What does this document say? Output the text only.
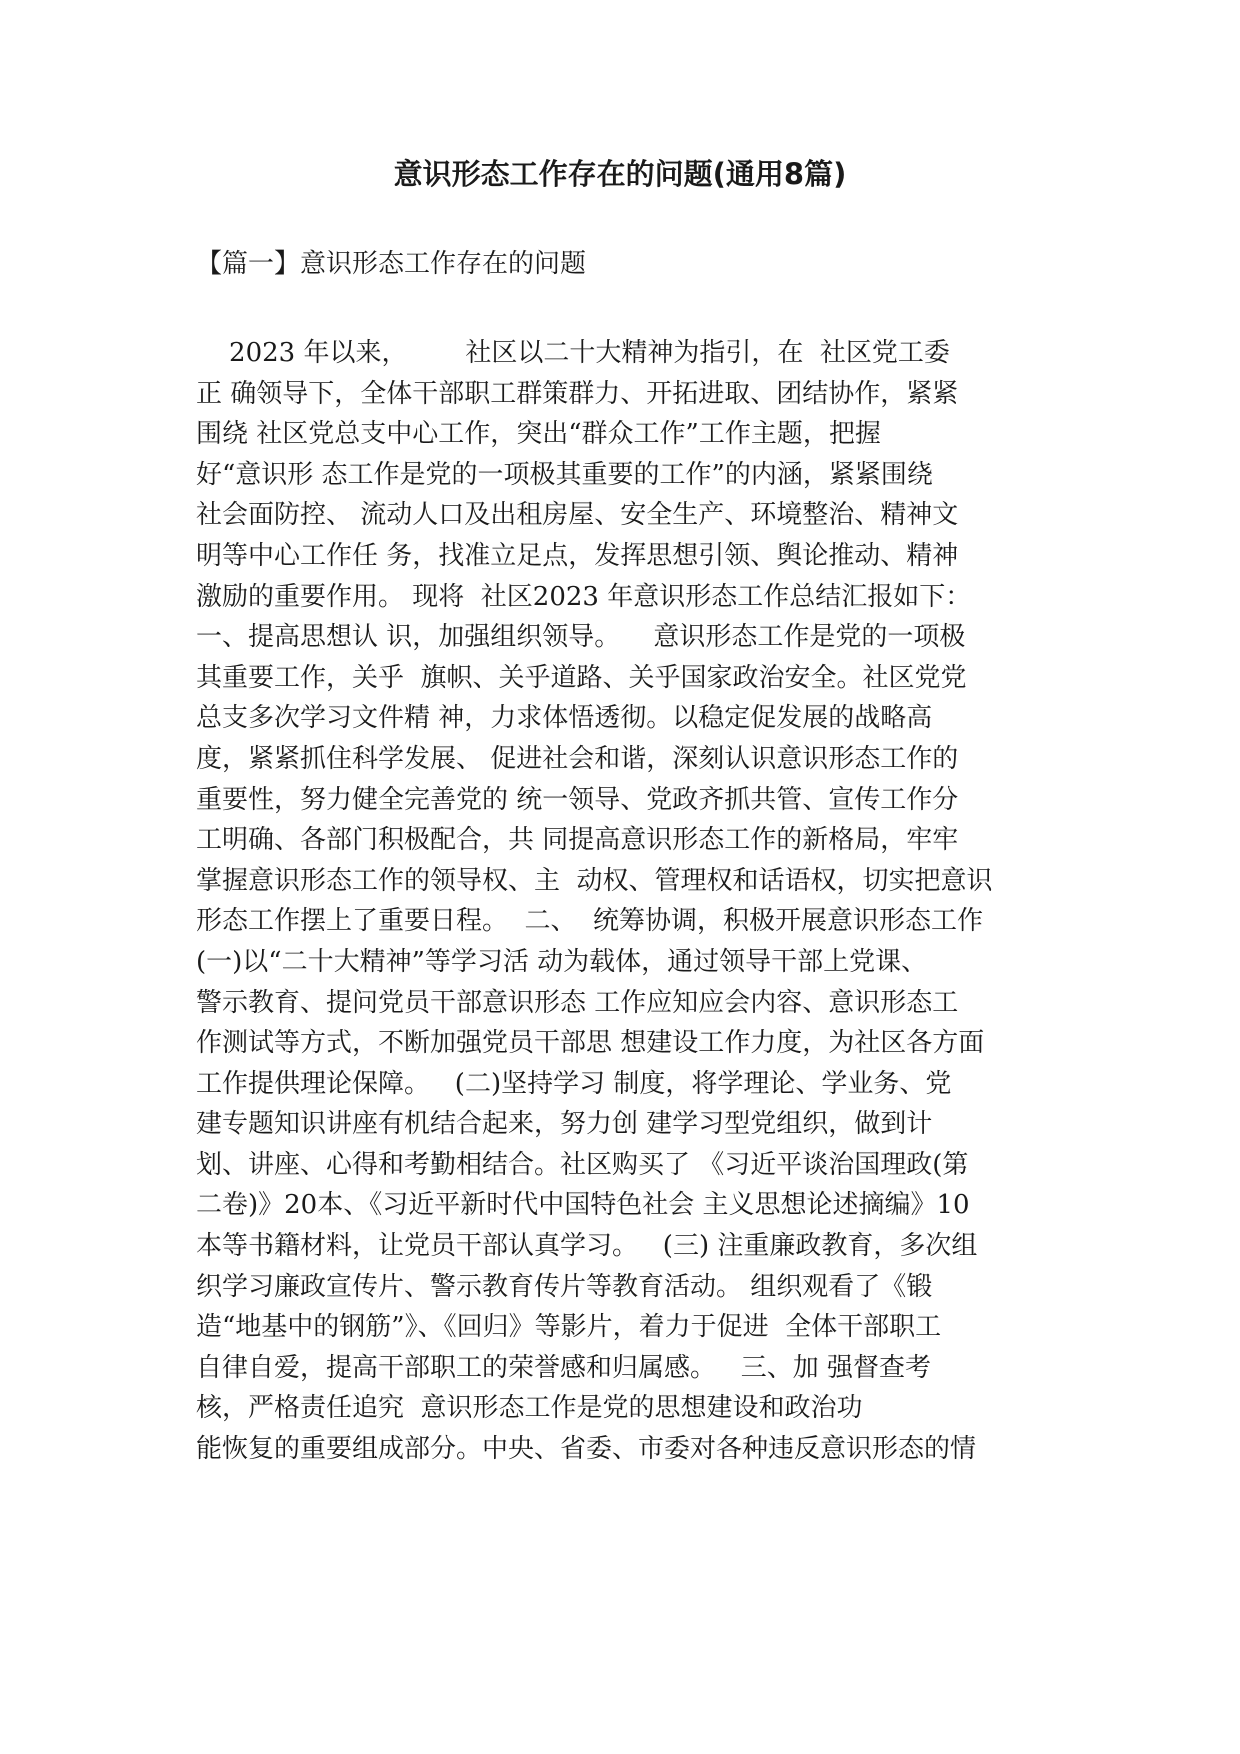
意识形态工作存在的问题(通用8篇)

【篇一】意识形态工作存在的问题

2023 年以来，       社区以二十大精神为指引，在  社区党工委
正 确领导下，全体干部职工群策群力、开拓进取、团结协作，紧紧
围绕 社区党总支中心工作，突出“群众工作”工作主题，把握
好“意识形 态工作是党的一项极其重要的工作”的内涵，紧紧围绕
社会面防控、 流动人口及出租房屋、安全生产、环境整治、精神文
明等中心工作任 务，找准立足点，发挥思想引领、舆论推动、精神
激励的重要作用。 现将  社区2023 年意识形态工作总结汇报如下：
一、提高思想认 识，加强组织领导。    意识形态工作是党的一项极
其重要工作，关乎  旗帜、关乎道路、关乎国家政治安全。社区党党
总支多次学习文件精 神，力求体悟透彻。以稳定促发展的战略高
度，紧紧抓住科学发展、 促进社会和谐，深刻认识意识形态工作的
重要性，努力健全完善党的 统一领导、党政齐抓共管、宣传工作分
工明确、各部门积极配合，共 同提高意识形态工作的新格局，牢牢
掌握意识形态工作的领导权、主  动权、管理权和话语权，切实把意识
形态工作摆上了重要日程。  二、  统筹协调，积极开展意识形态工作
(一)以“二十大精神”等学习活 动为载体，通过领导干部上党课、
警示教育、提问党员干部意识形态 工作应知应会内容、意识形态工
作测试等方式，不断加强党员干部思 想建设工作力度，为社区各方面
工作提供理论保障。   (二)坚持学习 制度，将学理论、学业务、党
建专题知识讲座有机结合起来，努力创 建学习型党组织，做到计
划、讲座、心得和考勤相结合。社区购买了 《习近平谈治国理政(第
二卷)》20本、《习近平新时代中国特色社会 主义思想论述摘编》10
本等书籍材料，让党员干部认真学习。   (三) 注重廉政教育，多次组
织学习廉政宣传片、警示教育传片等教育活动。 组织观看了《锻
造“地基中的钢筋”》、《回归》等影片，着力于促进  全体干部职工
自律自爱，提高干部职工的荣誉感和归属感。   三、加 强督查考
核，严格责任追究  意识形态工作是党的思想建设和政治功
能恢复的重要组成部分。中央、省委、市委对各种违反意识形态的情
